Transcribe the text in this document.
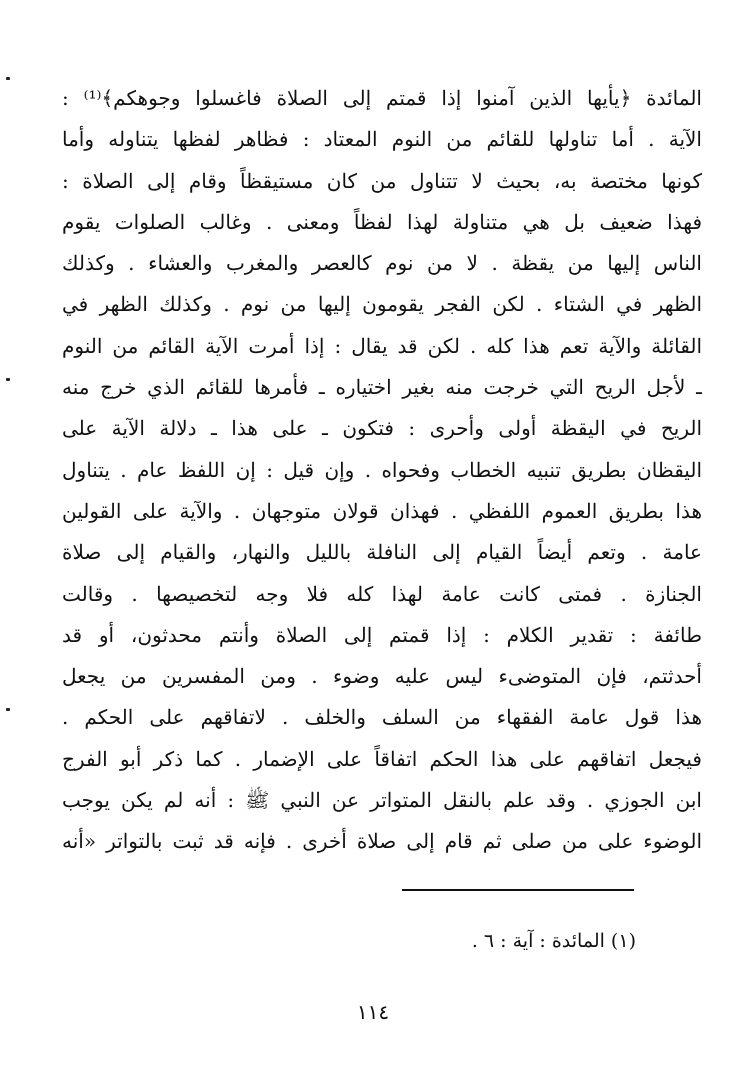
المائدة ﴿يأيها الذين آمنوا إذا قمتم إلى الصلاة فاغسلوا وجوهكم﴾⁽¹⁾ :
الآية . أما تناولها للقائم من النوم المعتاد : فظاهر لفظها يتناوله وأما
كونها مختصة به، بحيث لا تتناول من كان مستيقظاً وقام إلى الصلاة :
فهذا ضعيف بل هي متناولة لهذا لفظاً ومعنى . وغالب الصلوات يقوم
الناس إليها من يقظة . لا من نوم كالعصر والمغرب والعشاء . وكذلك
الظهر في الشتاء . لكن الفجر يقومون إليها من نوم . وكذلك الظهر في
القائلة والآية تعم هذا كله . لكن قد يقال : إذا أمرت الآية القائم من النوم
ـ لأجل الريح التي خرجت منه بغير اختياره ـ فأمرها للقائم الذي خرج منه
الريح في اليقظة أولى وأحرى : فتكون ـ على هذا ـ دلالة الآية على
اليقظان بطريق تنبيه الخطاب وفحواه . وإن قيل : إن اللفظ عام . يتناول
هذا بطريق العموم اللفظي . فهذان قولان متوجهان . والآية على القولين
عامة . وتعم أيضاً القيام إلى النافلة بالليل والنهار، والقيام إلى صلاة
الجنازة . فمتى كانت عامة لهذا كله فلا وجه لتخصيصها . وقالت
طائفة : تقدير الكلام : إذا قمتم إلى الصلاة وأنتم محدثون، أو قد
أحدثتم، فإن المتوضىء ليس عليه وضوء . ومن المفسرين من يجعل
هذا قول عامة الفقهاء من السلف والخلف . لاتفاقهم على الحكم .
فيجعل اتفاقهم على هذا الحكم اتفاقاً على الإضمار . كما ذكر أبو الفرج
ابن الجوزي . وقد علم بالنقل المتواتر عن النبي ﷺ : أنه لم يكن يوجب
الوضوء على من صلى ثم قام إلى صلاة أخرى . فإنه قد ثبت بالتواتر «أنه
(١) المائدة : آية : ٦ .
١١٤
